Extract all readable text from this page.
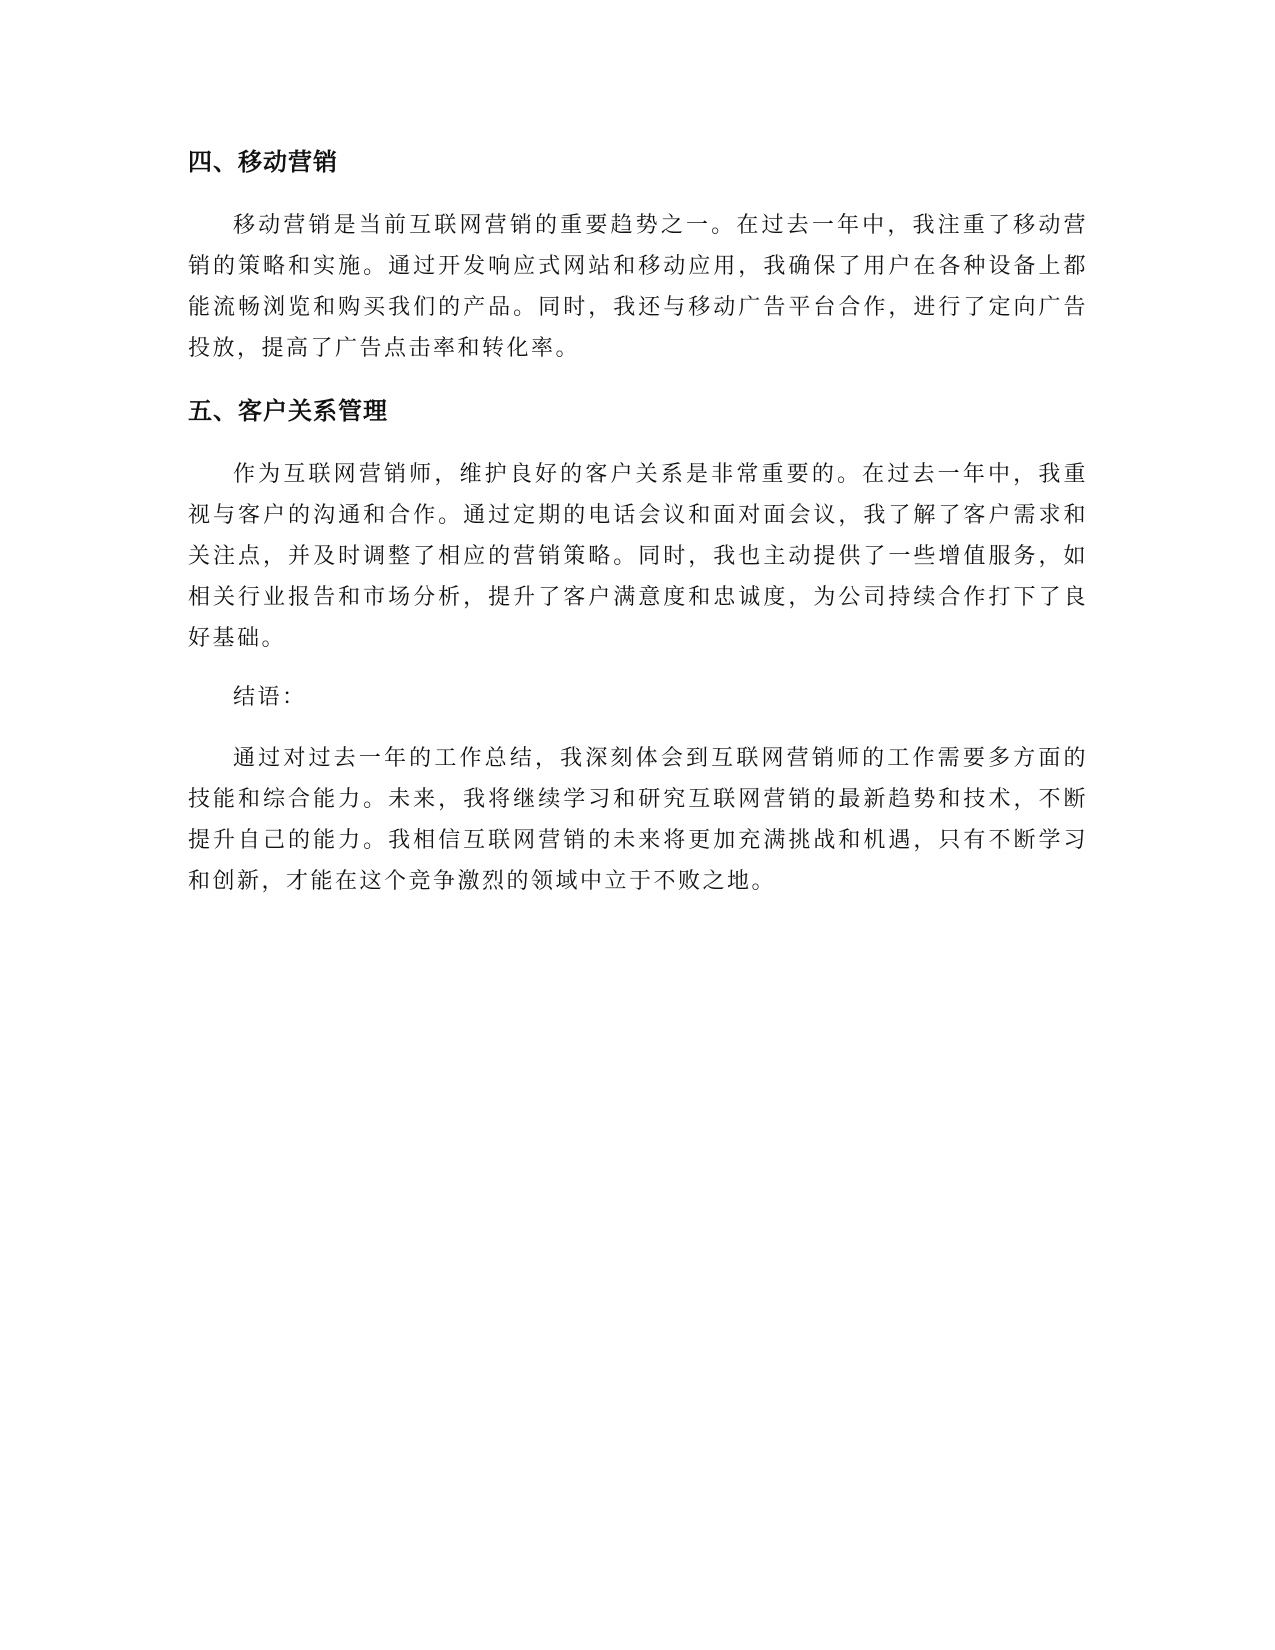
四、移动营销

移动营销是当前互联网营销的重要趋势之一。在过去一年中，我注重了移动营销的策略和实施。通过开发响应式网站和移动应用，我确保了用户在各种设备上都能流畅浏览和购买我们的产品。同时，我还与移动广告平台合作，进行了定向广告投放，提高了广告点击率和转化率。

五、客户关系管理

作为互联网营销师，维护良好的客户关系是非常重要的。在过去一年中，我重视与客户的沟通和合作。通过定期的电话会议和面对面会议，我了解了客户需求和关注点，并及时调整了相应的营销策略。同时，我也主动提供了一些增值服务，如相关行业报告和市场分析，提升了客户满意度和忠诚度，为公司持续合作打下了良好基础。

结语：

通过对过去一年的工作总结，我深刻体会到互联网营销师的工作需要多方面的技能和综合能力。未来，我将继续学习和研究互联网营销的最新趋势和技术，不断提升自己的能力。我相信互联网营销的未来将更加充满挑战和机遇，只有不断学习和创新，才能在这个竞争激烈的领域中立于不败之地。
